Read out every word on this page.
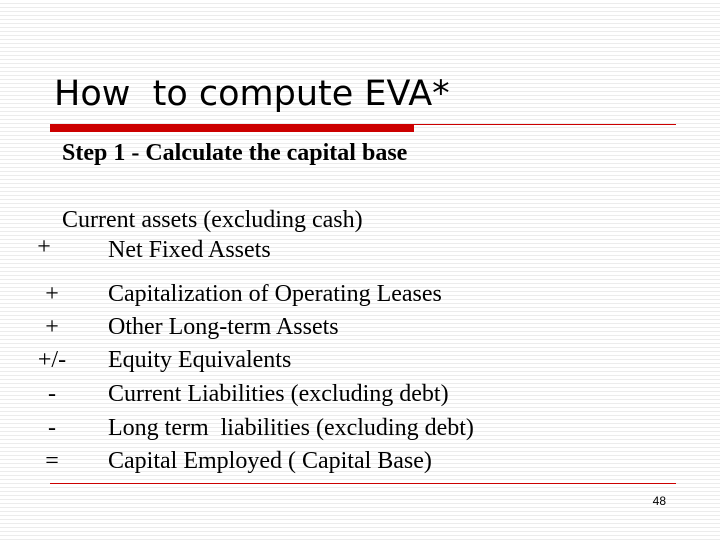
How  to compute EVA*
Step 1 - Calculate the capital base
Current assets (excluding cash)
+	Net Fixed Assets
+	Capitalization of Operating Leases
+	Other Long-term Assets
+/- Equity Equivalents
-	Current Liabilities (excluding debt)
-	Long term  liabilities (excluding debt)
=	Capital Employed ( Capital Base)
48
